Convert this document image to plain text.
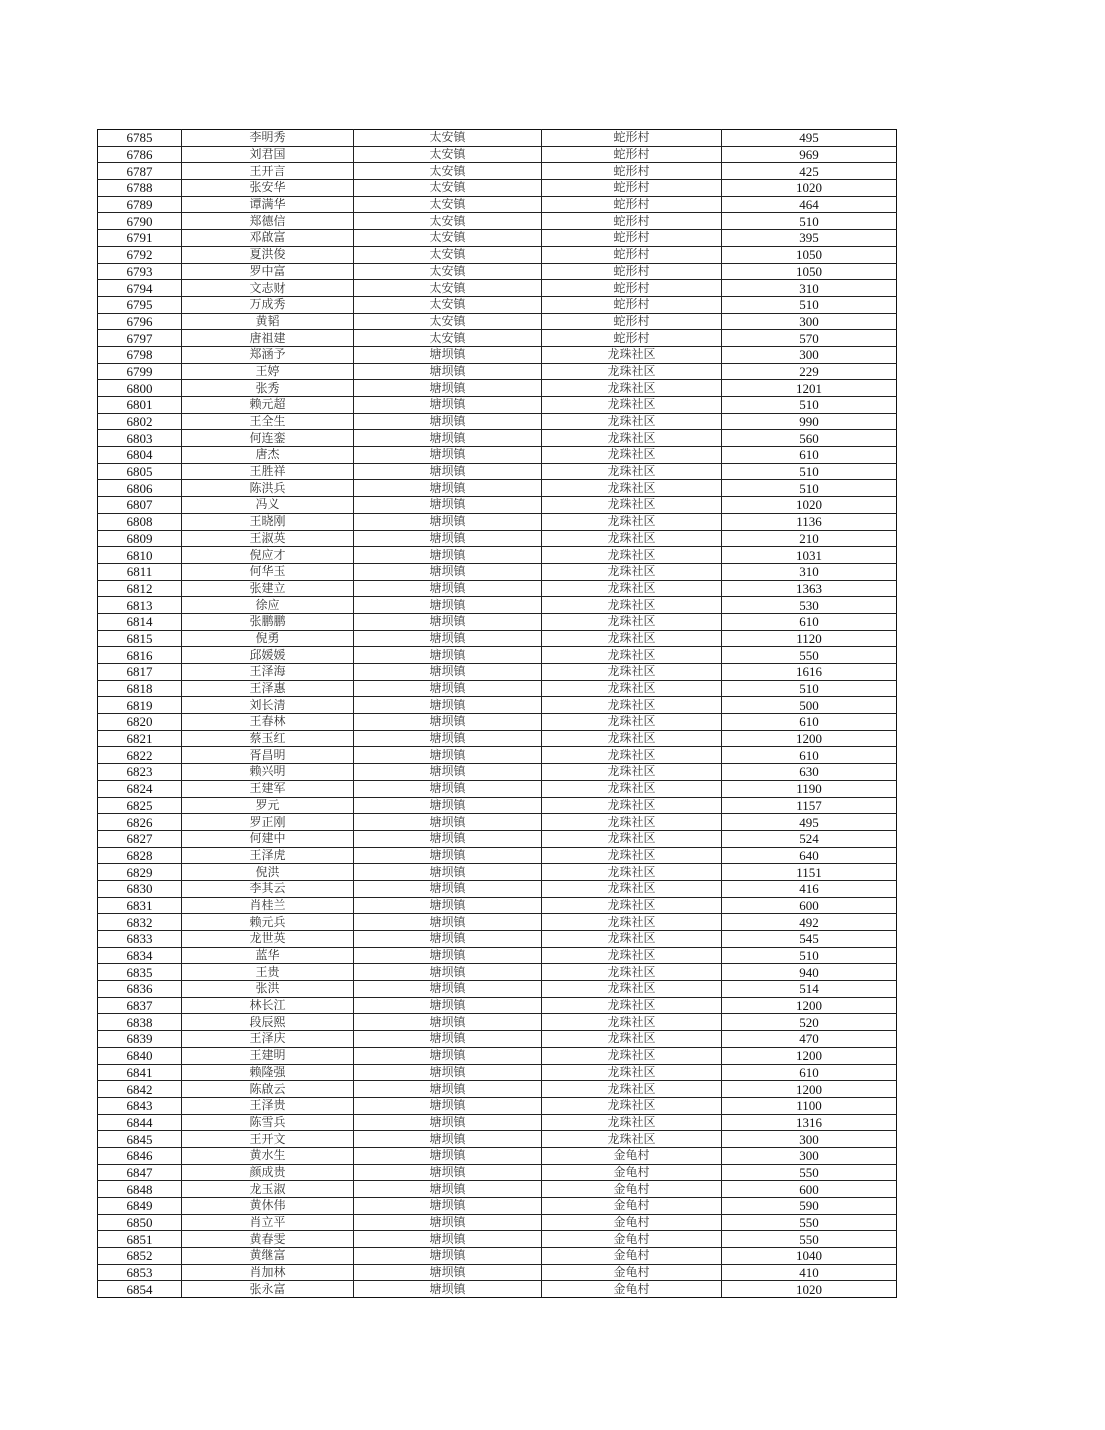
6785	李明秀	太安镇	蛇形村	495
6786	刘君国	太安镇	蛇形村	969
6787	王开言	太安镇	蛇形村	425
6788	张安华	太安镇	蛇形村	1020
6789	谭满华	太安镇	蛇形村	464
6790	郑德信	太安镇	蛇形村	510
6791	邓啟富	太安镇	蛇形村	395
6792	夏洪俊	太安镇	蛇形村	1050
6793	罗中富	太安镇	蛇形村	1050
6794	文志财	太安镇	蛇形村	310
6795	万成秀	太安镇	蛇形村	510
6796	黄韬	太安镇	蛇形村	300
6797	唐祖建	太安镇	蛇形村	570
6798	郑涵予	塘坝镇	龙珠社区	300
6799	王婷	塘坝镇	龙珠社区	229
6800	张秀	塘坝镇	龙珠社区	1201
6801	赖元超	塘坝镇	龙珠社区	510
6802	王全生	塘坝镇	龙珠社区	990
6803	何连銮	塘坝镇	龙珠社区	560
6804	唐杰	塘坝镇	龙珠社区	610
6805	王胜祥	塘坝镇	龙珠社区	510
6806	陈洪兵	塘坝镇	龙珠社区	510
6807	冯义	塘坝镇	龙珠社区	1020
6808	王晓刚	塘坝镇	龙珠社区	1136
6809	王淑英	塘坝镇	龙珠社区	210
6810	倪应才	塘坝镇	龙珠社区	1031
6811	何华玉	塘坝镇	龙珠社区	310
6812	张建立	塘坝镇	龙珠社区	1363
6813	徐应	塘坝镇	龙珠社区	530
6814	张鹏鹏	塘坝镇	龙珠社区	610
6815	倪勇	塘坝镇	龙珠社区	1120
6816	邱媛媛	塘坝镇	龙珠社区	550
6817	王泽海	塘坝镇	龙珠社区	1616
6818	王泽惠	塘坝镇	龙珠社区	510
6819	刘长清	塘坝镇	龙珠社区	500
6820	王春林	塘坝镇	龙珠社区	610
6821	蔡玉红	塘坝镇	龙珠社区	1200
6822	胥昌明	塘坝镇	龙珠社区	610
6823	赖兴明	塘坝镇	龙珠社区	630
6824	王建军	塘坝镇	龙珠社区	1190
6825	罗元	塘坝镇	龙珠社区	1157
6826	罗正刚	塘坝镇	龙珠社区	495
6827	何建中	塘坝镇	龙珠社区	524
6828	王泽虎	塘坝镇	龙珠社区	640
6829	倪洪	塘坝镇	龙珠社区	1151
6830	李其云	塘坝镇	龙珠社区	416
6831	肖桂兰	塘坝镇	龙珠社区	600
6832	赖元兵	塘坝镇	龙珠社区	492
6833	龙世英	塘坝镇	龙珠社区	545
6834	蓝华	塘坝镇	龙珠社区	510
6835	王贵	塘坝镇	龙珠社区	940
6836	张洪	塘坝镇	龙珠社区	514
6837	林长江	塘坝镇	龙珠社区	1200
6838	段辰熙	塘坝镇	龙珠社区	520
6839	王泽庆	塘坝镇	龙珠社区	470
6840	王建明	塘坝镇	龙珠社区	1200
6841	赖隆强	塘坝镇	龙珠社区	610
6842	陈啟云	塘坝镇	龙珠社区	1200
6843	王泽贵	塘坝镇	龙珠社区	1100
6844	陈雪兵	塘坝镇	龙珠社区	1316
6845	王开文	塘坝镇	龙珠社区	300
6846	黄水生	塘坝镇	金龟村	300
6847	颜成贵	塘坝镇	金龟村	550
6848	龙玉淑	塘坝镇	金龟村	600
6849	黄休伟	塘坝镇	金龟村	590
6850	肖立平	塘坝镇	金龟村	550
6851	黄春雯	塘坝镇	金龟村	550
6852	黄继富	塘坝镇	金龟村	1040
6853	肖加林	塘坝镇	金龟村	410
6854	张永富	塘坝镇	金龟村	1020
